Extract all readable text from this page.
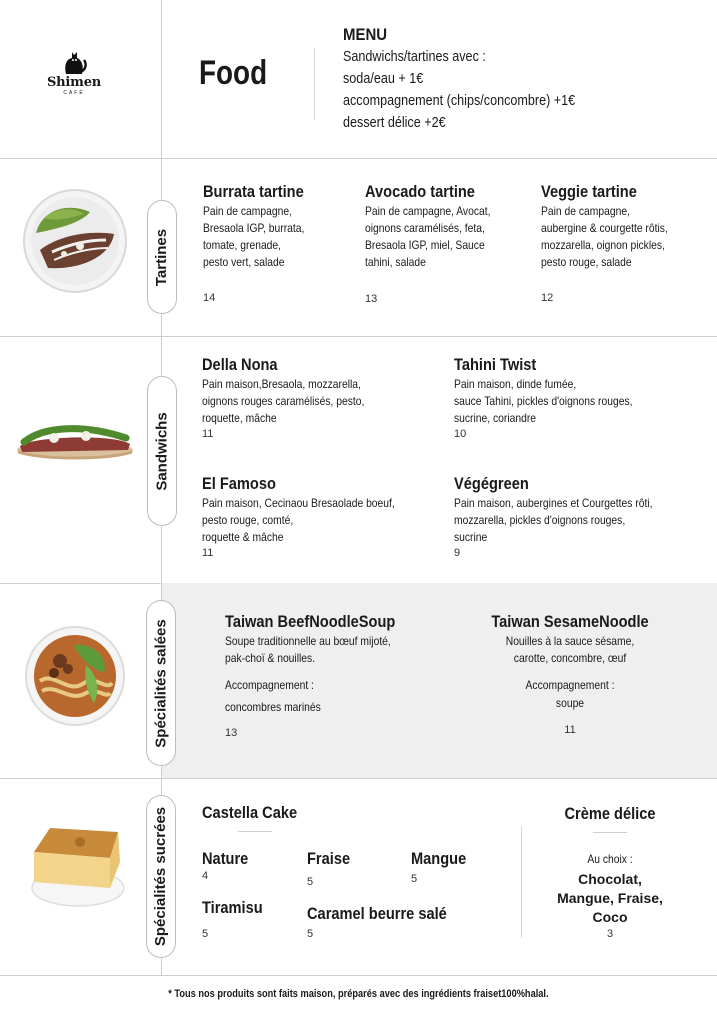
Shimen
CAFÉ
Food
MENU
Sandwichs/tartines avec :
soda/eau + 1€
accompagnement (chips/concombre) +1€
dessert délice +2€
Tartines
Burrata tartine
Pain de campagne,
Bresaola IGP, burrata,
tomate, grenade,
pesto vert, salade
14
Avocado tartine
Pain de campagne, Avocat,
oignons caramélisés, feta,
Bresaola IGP, miel, Sauce
tahini, salade
13
Veggie tartine
Pain de campagne,
aubergine & courgette rôtis,
mozzarella, oignon pickles,
pesto rouge, salade
12
Sandwichs
Della Nona
Pain maison,Bresaola, mozzarella,
oignons rouges caramélisés, pesto,
roquette, mâche
11
Tahini Twist
Pain maison, dinde fumée,
sauce Tahini, pickles d'oignons rouges,
sucrine, coriandre
10
El Famoso
Pain maison, Cecinaou Bresaolade boeuf,
pesto rouge, comté,
roquette & mâche
11
Végégreen
Pain maison, aubergines et Courgettes rôti,
mozzarella, pickles d'oignons rouges,
sucrine
9
Spécialités salées	Taiwan BeefNoodleSoup
Soupe traditionnelle au bœuf mijoté,
pak-choï & nouilles.
Accompagnement :
concombres marinés
13
Taiwan SesameNoodle
Nouilles à la sauce sésame,
carotte, concombre, œuf
Accompagnement :
soupe
11
Spécialités sucrées Castella Cake
Nature
4
Fraise
5
Mangue
5
Tiramisu
5
Caramel beurre salé
5
Crème délice
Au choix :
Chocolat,
Mangue, Fraise,
Coco
3
* Tous nos produits sont faits maison, préparés avec des ingrédients fraiset100%halal.
